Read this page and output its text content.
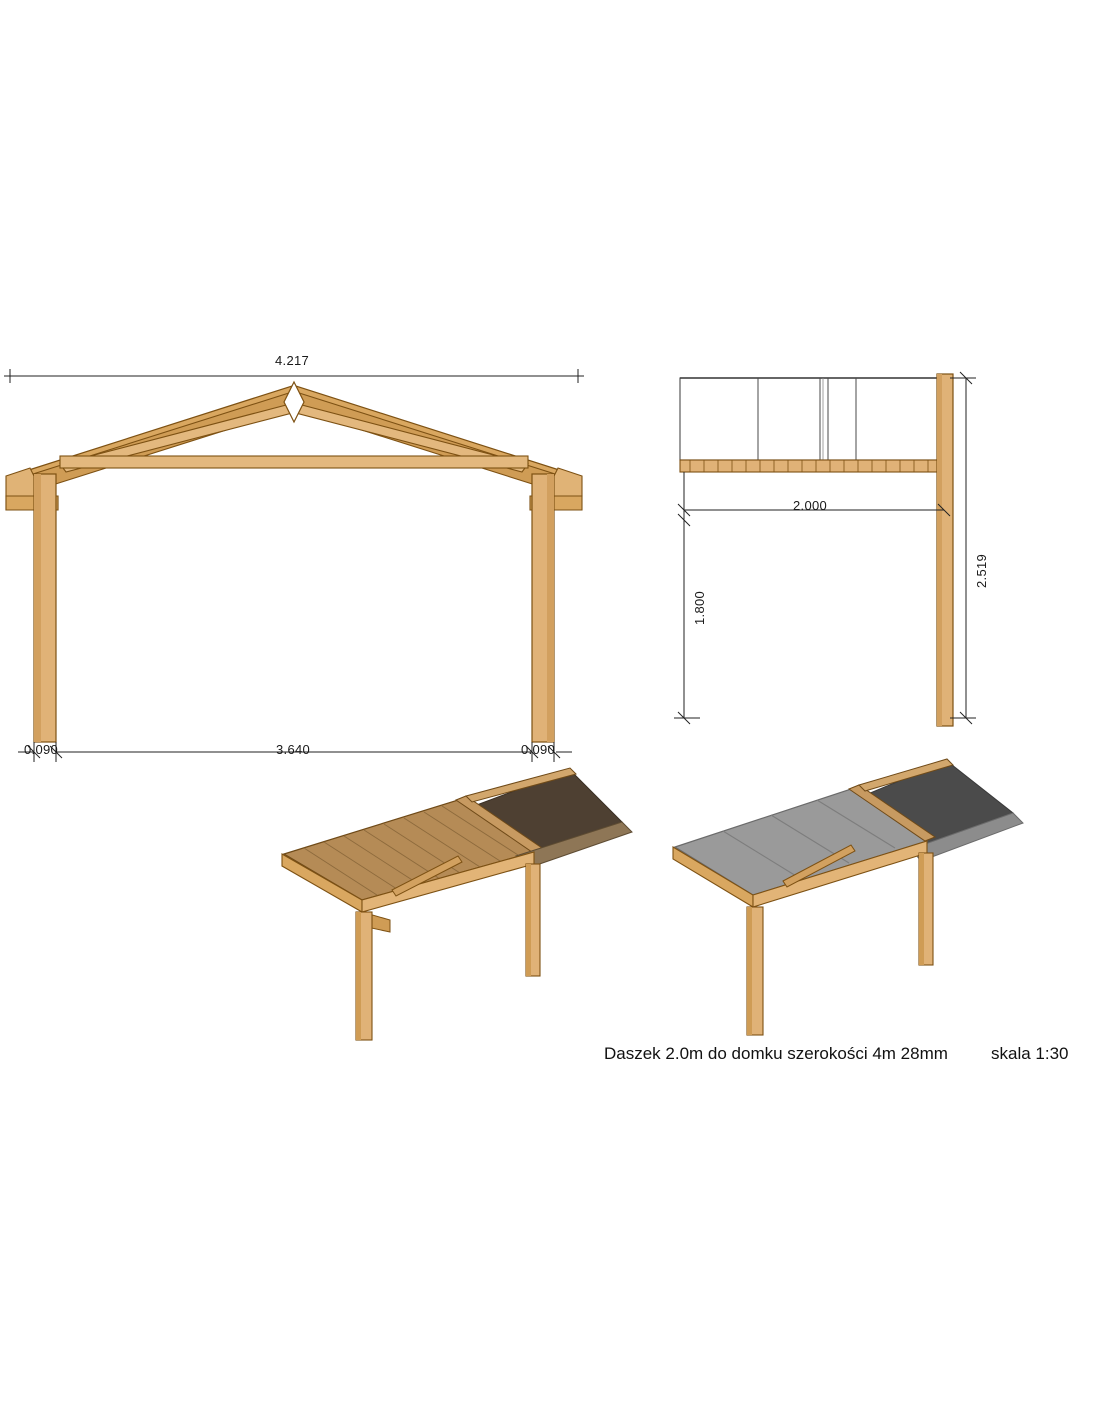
4.217
3.640
0.090	0.090
2.000
1.800
2.519
Daszek 2.0m do domku szerokości 4m 28mm	skala 1:30
